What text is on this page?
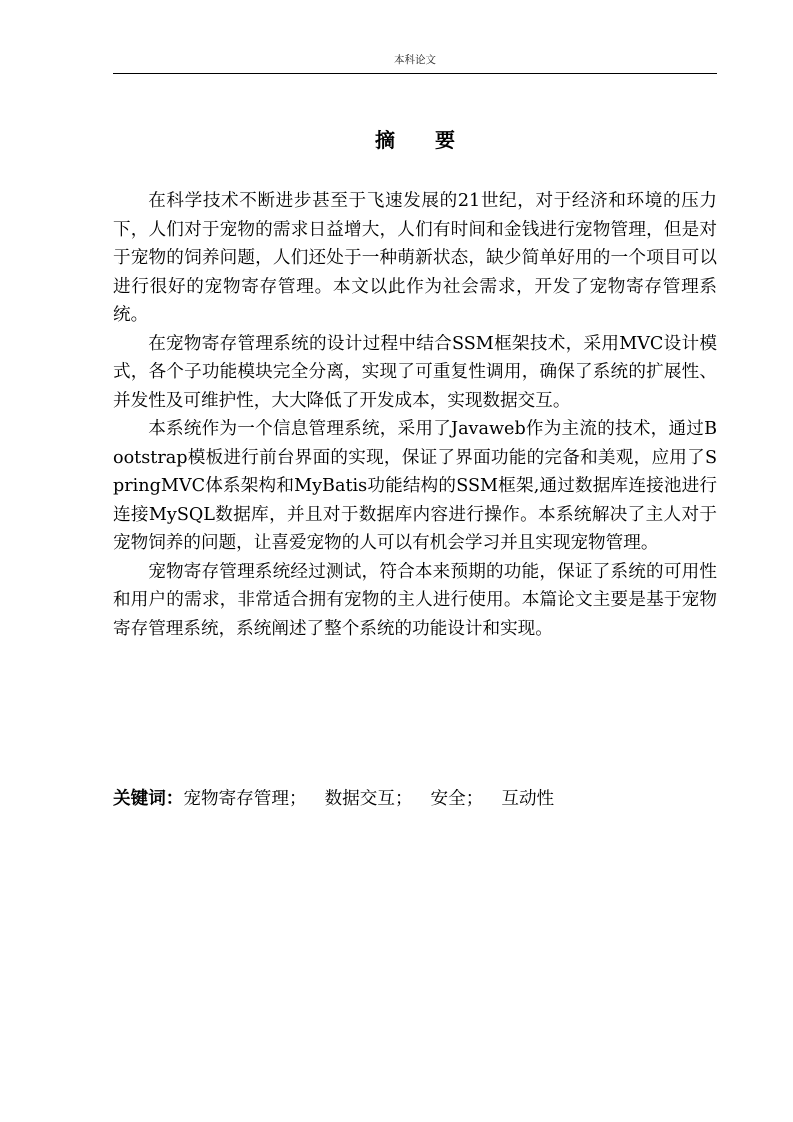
本科论文
摘要

在科学技术不断进步甚至于飞速发展的21世纪，对于经济和环境的压力下，人们对于宠物的需求日益增大，人们有时间和金钱进行宠物管理，但是对于宠物的饲养问题，人们还处于一种萌新状态，缺少简单好用的一个项目可以进行很好的宠物寄存管理。本文以此作为社会需求，开发了宠物寄存管理系统。

在宠物寄存管理系统的设计过程中结合SSM框架技术，采用MVC设计模式，各个子功能模块完全分离，实现了可重复性调用，确保了系统的扩展性、并发性及可维护性，大大降低了开发成本，实现数据交互。

本系统作为一个信息管理系统，采用了Javaweb作为主流的技术，通过Bootstrap模板进行前台界面的实现，保证了界面功能的完备和美观，应用了SpringMVC体系架构和MyBatis功能结构的SSM框架,通过数据库连接池进行连接MySQL数据库，并且对于数据库内容进行操作。本系统解决了主人对于宠物饲养的问题，让喜爱宠物的人可以有机会学习并且实现宠物管理。

宠物寄存管理系统经过测试，符合本来预期的功能，保证了系统的可用性和用户的需求，非常适合拥有宠物的主人进行使用。本篇论文主要是基于宠物寄存管理系统，系统阐述了整个系统的功能设计和实现。

关键词：宠物寄存管理； 数据交互； 安全； 互动性
